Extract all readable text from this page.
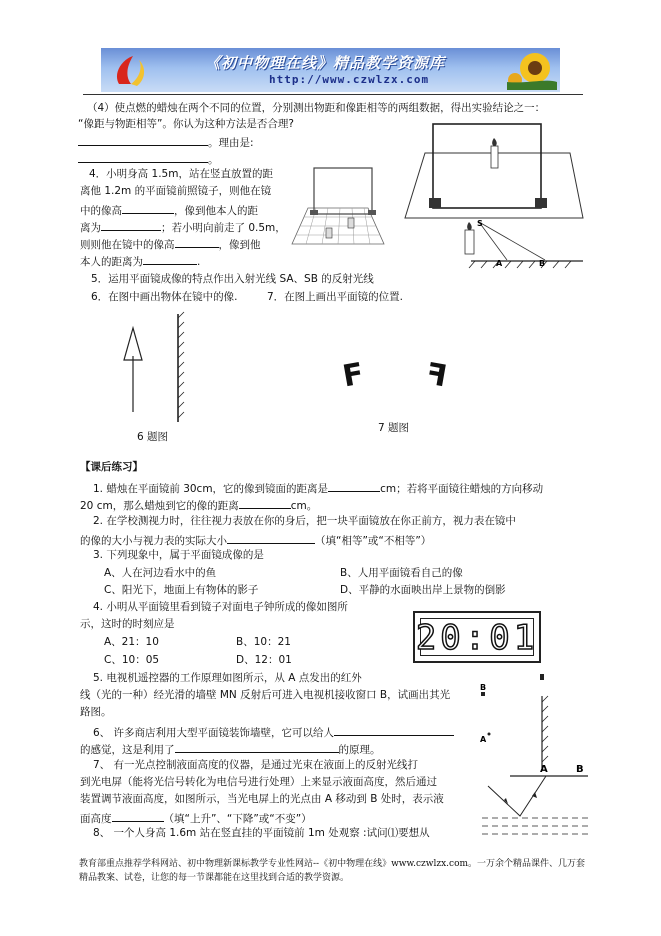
《初中物理在线》精品教学资源库
http://www.czwlzx.com
（4）使点燃的蜡烛在两个不同的位置，分别测出物距和像距相等的两组数据，得出实验结论之一：
“像距与物距相等”。你认为这种方法是否合理?
。理由是:
。
4．小明身高 1.5m，站在竖直放置的距
离他 1.2m 的平面镜前照镜子，则他在镜
中的像高	，像到他本人的距
离为	；若小明向前走了 0.5m，
则则他在镜中的像高	，像到他
本人的距离为	.
S
A	B
5．运用平面镜成像的特点作出入射光线 SA、SB 的反射光线
6．在图中画出物体在镜中的像.	7．在图上画出平面镜的位置.
6 题图
F F
7 题图
【课后练习】
1. 蜡烛在平面镜前 30cm，它的像到镜面的距离是	cm；若将平面镜往蜡烛的方向移动
20 cm，那么蜡烛到它的像的距离	cm。
2. 在学校测视力时，往往视力表放在你的身后，把一块平面镜放在你正前方，视力表在镜中
的像的大小与视力表的实际大小	（填“相等”或“不相等”）
3. 下列现象中，属于平面镜成像的是
A、人在河边看水中的鱼	B、人用平面镜看自己的像
C、阳光下，地面上有物体的影子	D、平静的水面映出岸上景物的倒影
4. 小明从平面镜里看到镜子对面电子钟所成的像如图所
示，这时的时刻应是
A、21：10	B、10：21
C、10：05	D、12：01
20:01
5. 电视机遥控器的工作原理如图所示，从 A 点发出的红外
线（光的一种）经光滑的墙壁 MN 反射后可进入电视机接收窗口 B，试画出其光
路图。
B
A
6、 许多商店利用大型平面镜装饰墙壁，它可以给人
的感觉，这是利用了	的原理。
7、 有一光点控制液面高度的仪器，是通过光束在液面上的反射光线打
到光电屏（能将光信号转化为电信号进行处理）上来显示液面高度，然后通过
装置调节液面高度，如图所示，当光电屏上的光点由 A 移动到 B 处时，表示液
面高度	（填“上升”、“下降”或“不变”）
A	B
8、 一个人身高 1.6m 站在竖直挂的平面镜前 1m 处观察 :试问⑴要想从
教育部重点推荐学科网站、初中物理新课标教学专业性网站--《初中物理在线》www.czwlzx.com。一万余个精品课件、几万套精品教案、试卷，让您的每一节课都能在这里找到合适的教学资源。
